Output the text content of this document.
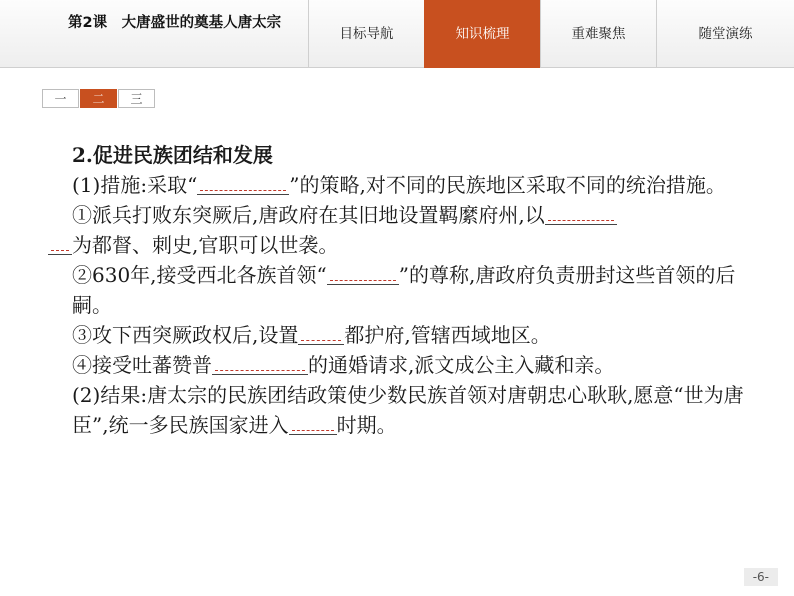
第2课　大唐盛世的奠基人唐太宗
目标导航	知识梳理	重难聚焦	随堂演练
一	二	三

2.促进民族团结和发展

(1)措施:采取“	”的策略,对不同的民族地区采取不同的统治措施。

①派兵打败东突厥后,唐政府在其旧地设置羁縻府州,以
为都督、刺史,官职可以世袭。

②630年,接受西北各族首领“	”的尊称,唐政府负责册封这些首领的后嗣。

③攻下西突厥政权后,设置 都护府,管辖西域地区。

④接受吐蕃赞普	的通婚请求,派文成公主入藏和亲。

(2)结果:唐太宗的民族团结政策使少数民族首领对唐朝忠心耿耿,愿意“世为唐臣”,统一多民族国家进入 时期。

-6-
